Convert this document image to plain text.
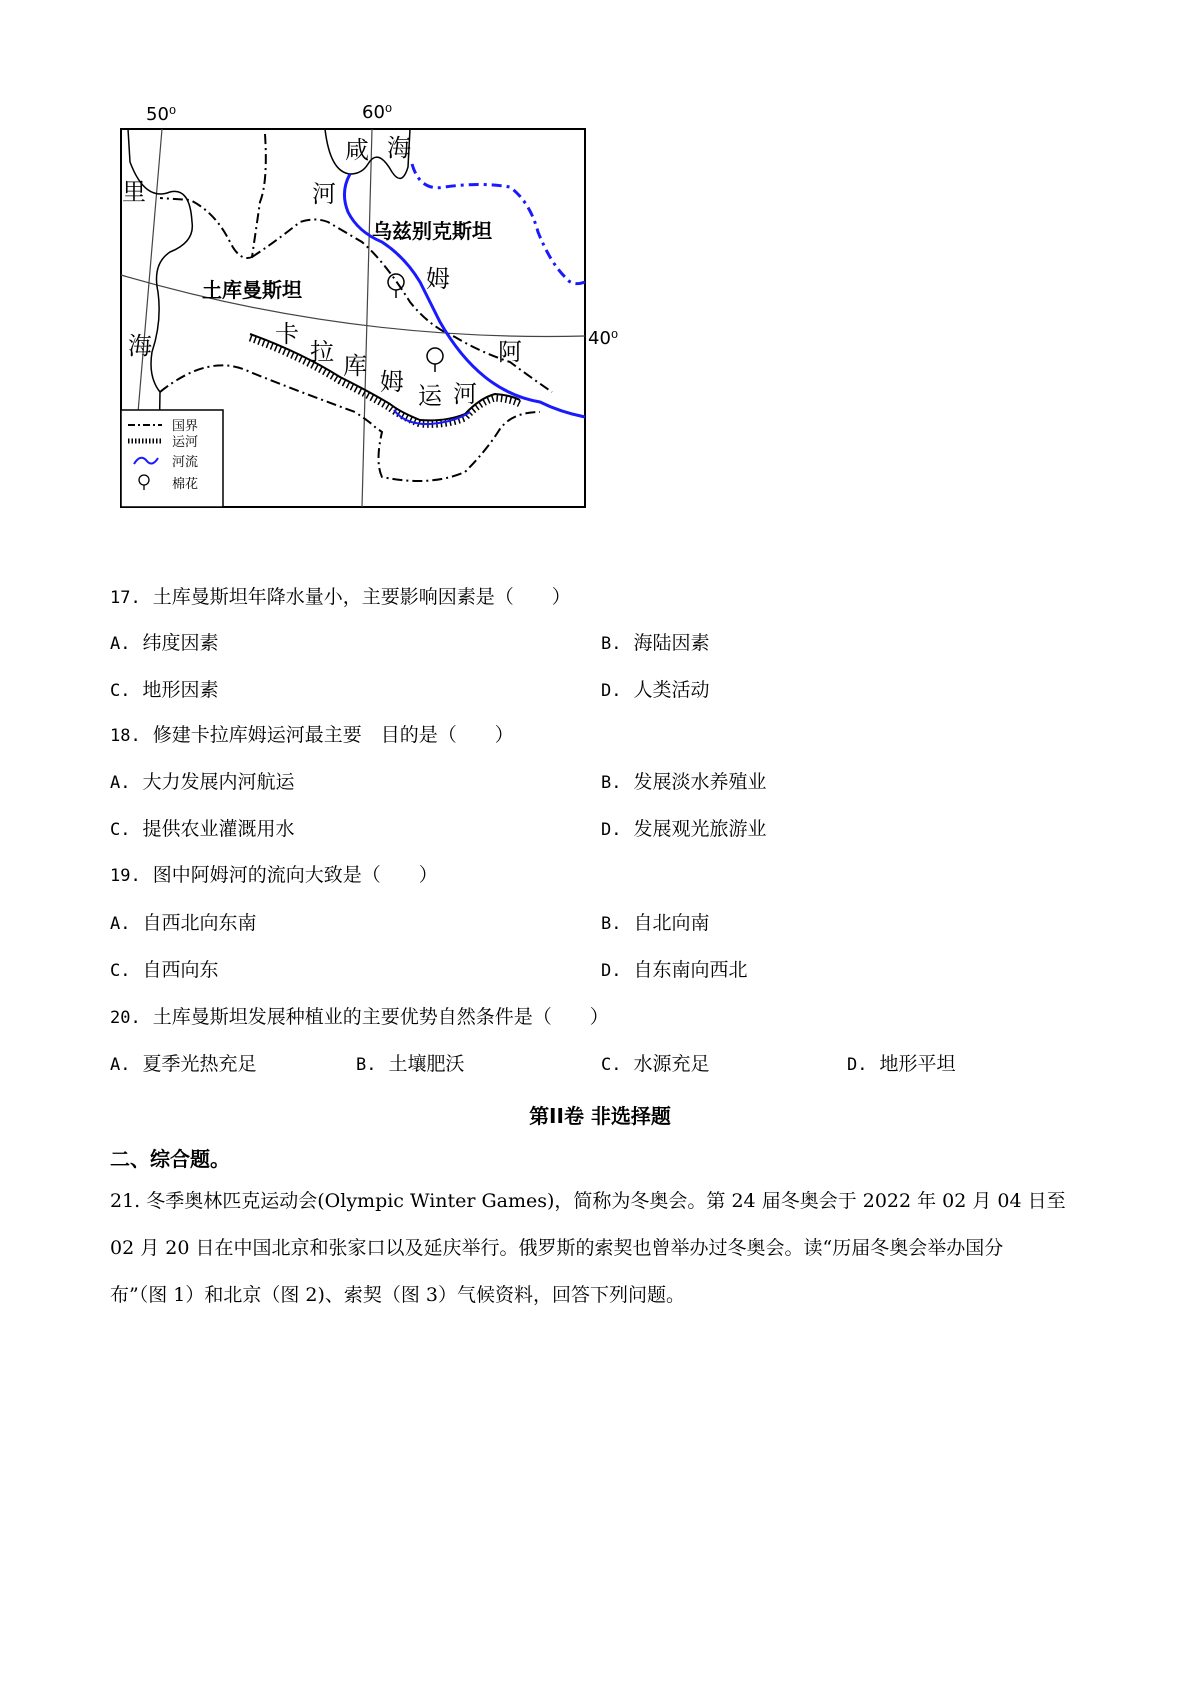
50⁰	60⁰
40⁰
咸 海
河
里
姆
海	阿
卡
拉 库
姆 运 河
乌兹别克斯坦
土库曼斯坦
国界
运河
河流
棉花
17. 土库曼斯坦年降水量小，主要影响因素是（　　）
A. 纬度因素	B. 海陆因素
C. 地形因素	D. 人类活动
18. 修建卡拉库姆运河最主要　目的是（　　）
A. 大力发展内河航运	B. 发展淡水养殖业
C. 提供农业灌溉用水	D. 发展观光旅游业
19. 图中阿姆河的流向大致是（　　）
A. 自西北向东南	B. 自北向南
C. 自西向东	D. 自东南向西北
20. 土库曼斯坦发展种植业的主要优势自然条件是（　　）
A. 夏季光热充足	B. 土壤肥沃	C. 水源充足	D. 地形平坦
第II卷 非选择题
二、综合题。
21. 冬季奥林匹克运动会(Olympic Winter Games)，简称为冬奥会。第 24 届冬奥会于 2022 年 02 月 04 日至
02 月 20 日在中国北京和张家口以及延庆举行。俄罗斯的索契也曾举办过冬奥会。读“历届冬奥会举办国分
布”（图 1）和北京（图 2)、索契（图 3）气候资料，回答下列问题。
